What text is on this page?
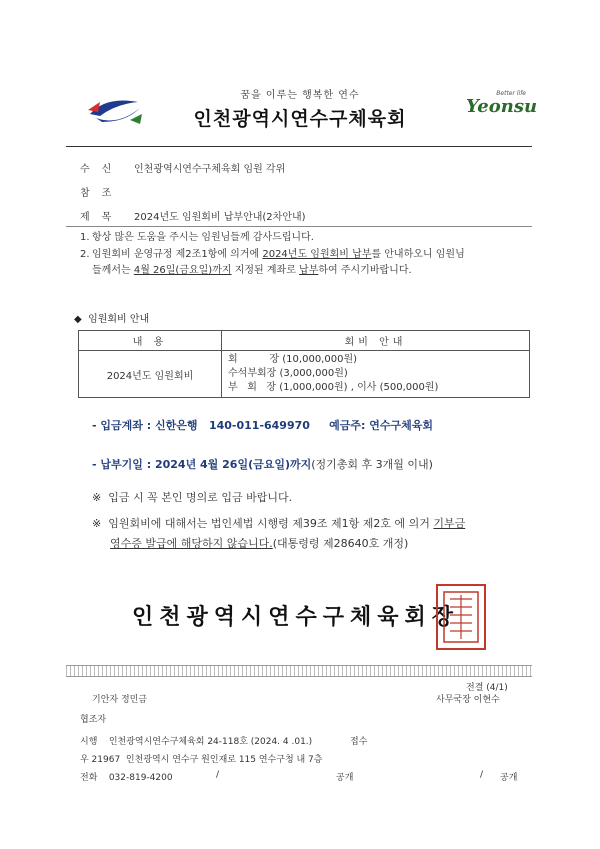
꿈을 이루는 행복한 연수
인천광역시연수구체육회
Better life
Yeonsu
수신 인천광역시연수구체육회 임원 각위
참조
제목 2024년도 임원회비 납부안내(2차안내)
1. 항상 많은 도움을 주시는 임원님들께 감사드립니다.
2. 임원회비 운영규정 제2조1항에 의거에 2024년도 임원회비 납부를 안내하오니 임원님
들께서는 4월 26일(금요일)까지 지정된 계좌로 납부하여 주시기바랍니다.
◆ 임원회비 안내
내 용	회비 안내
2024년도 임원회비	회          장 (10,000,000원)
수석부회장 (3,000,000원)
부   회   장 (1,000,000원) , 이사 (500,000원)
- 입금계좌 : 신한은행   140-011-649970 예금주: 연수구체육회
- 납부기일 : 2024년 4월 26일(금요일)까지(정기총회 후 3개월 이내)
※ 입금 시 꼭 본인 명의로 입금 바랍니다.
※ 임원회비에 대해서는 법인세법 시행령 제39조 제1항 제2호 에 의거 기부금
영수증 발급에 해당하지 않습니다.(대통령령 제28640호 개정)
인천광역시연수구체육회장
전결 (4/1)
기안자 정민금	사무국장 이현수
협조자
시행    인천광역시연수구체육회 24-118호 (2024. 4 .01.)	접수
우 21967  인천광역시 연수구 원인재로 115 연수구청 내 7층
전화    032-819-4200	/	공개	/ 공개
